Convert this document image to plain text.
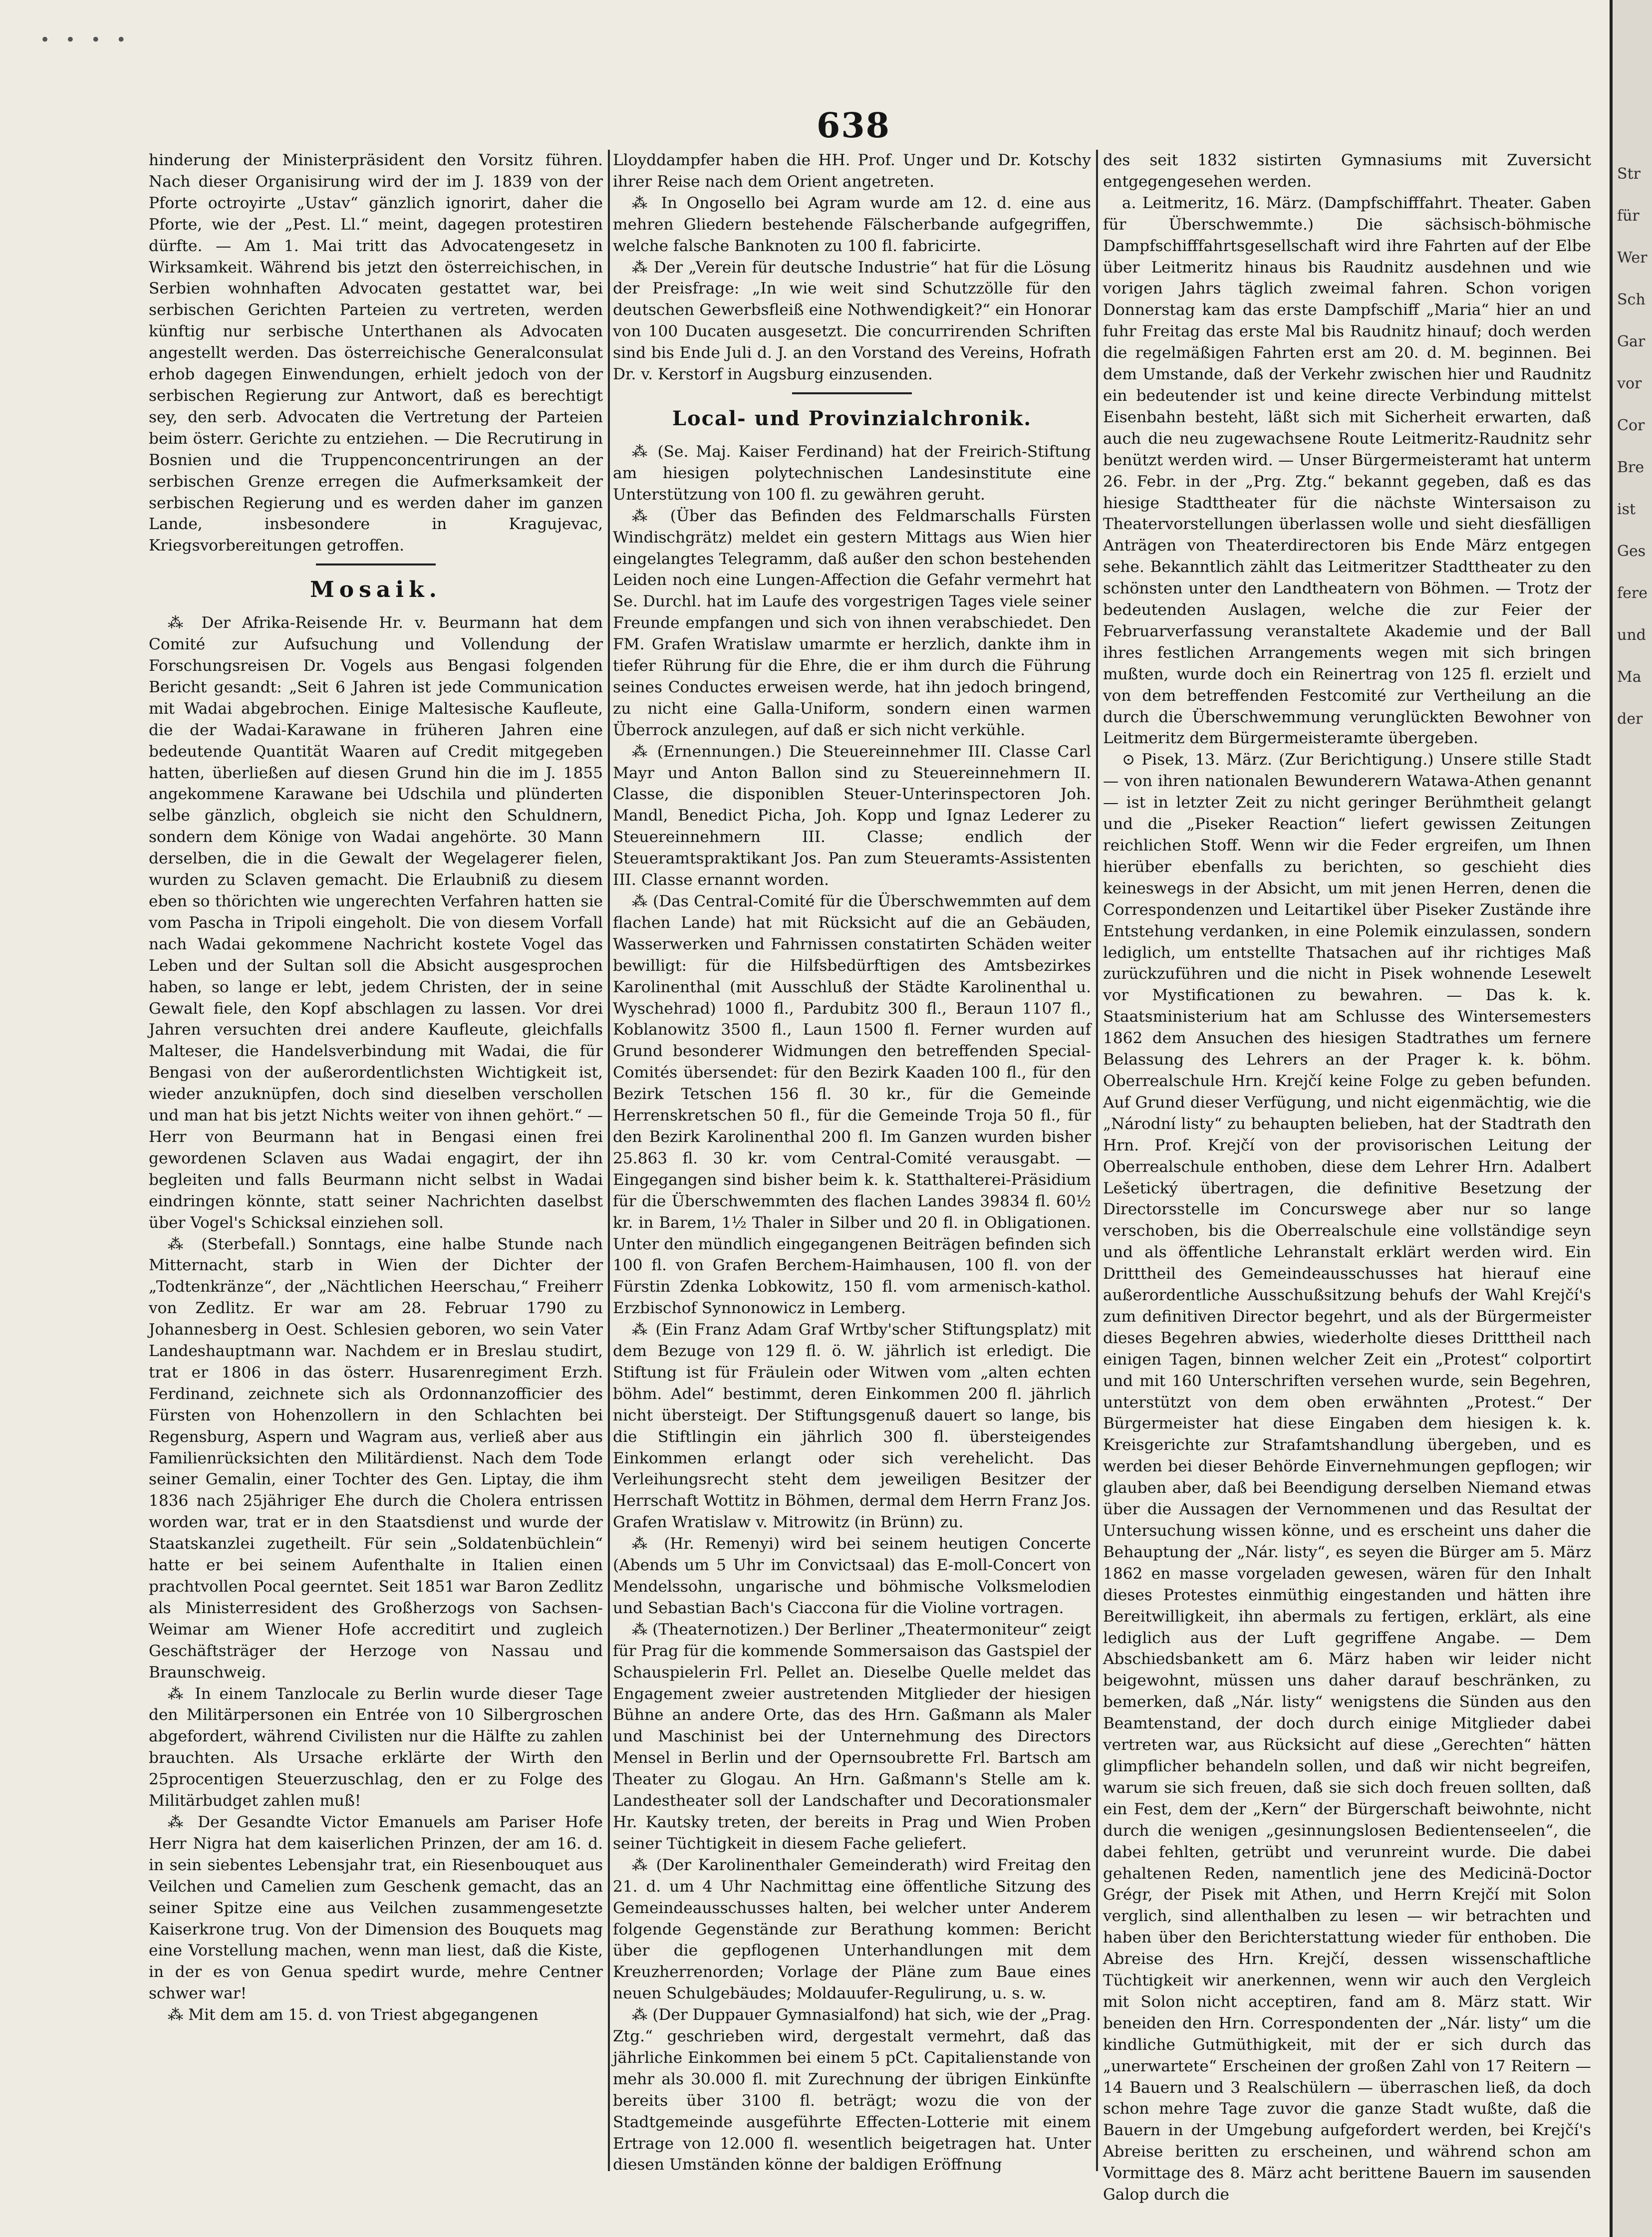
• • • •
638

hinderung der Ministerpräsident den Vorsitz führen. Nach dieser Organisirung wird der im J. 1839 von der Pforte octroyirte „Ustav“ gänzlich ignorirt, daher die Pforte, wie der „Pest. Ll.“ meint, dagegen protestiren dürfte. — Am 1. Mai tritt das Advocatengesetz in Wirksamkeit. Während bis jetzt den österreichischen, in Serbien wohnhaften Advocaten gestattet war, bei serbischen Gerichten Parteien zu vertreten, werden künftig nur serbische Unterthanen als Advocaten angestellt werden. Das österreichische Generalconsulat erhob dagegen Einwendungen, erhielt jedoch von der serbischen Regierung zur Antwort, daß es berechtigt sey, den serb. Advocaten die Vertretung der Parteien beim österr. Gerichte zu entziehen. — Die Recrutirung in Bosnien und die Truppenconcentrirungen an der serbischen Grenze erregen die Aufmerksamkeit der serbischen Regierung und es werden daher im ganzen Lande, insbesondere in Kragujevac, Kriegsvorbereitungen getroffen.

Mosaik.

⁂ Der Afrika-Reisende Hr. v. Beurmann hat dem Comité zur Aufsuchung und Vollendung der Forschungsreisen Dr. Vogels aus Bengasi folgenden Bericht gesandt: „Seit 6 Jahren ist jede Communication mit Wadai abgebrochen. Einige Maltesische Kaufleute, die der Wadai-Karawane in früheren Jahren eine bedeutende Quantität Waaren auf Credit mitgegeben hatten, überließen auf diesen Grund hin die im J. 1855 angekommene Karawane bei Udschila und plünderten selbe gänzlich, obgleich sie nicht den Schuldnern, sondern dem Könige von Wadai angehörte. 30 Mann derselben, die in die Gewalt der Wegelagerer fielen, wurden zu Sclaven gemacht. Die Erlaubniß zu diesem eben so thörichten wie ungerechten Verfahren hatten sie vom Pascha in Tripoli eingeholt. Die von diesem Vorfall nach Wadai gekommene Nachricht kostete Vogel das Leben und der Sultan soll die Absicht ausgesprochen haben, so lange er lebt, jedem Christen, der in seine Gewalt fiele, den Kopf abschlagen zu lassen. Vor drei Jahren versuchten drei andere Kaufleute, gleichfalls Malteser, die Handelsverbindung mit Wadai, die für Bengasi von der außerordentlichsten Wichtigkeit ist, wieder anzuknüpfen, doch sind dieselben verschollen und man hat bis jetzt Nichts weiter von ihnen gehört.“ — Herr von Beurmann hat in Bengasi einen frei gewordenen Sclaven aus Wadai engagirt, der ihn begleiten und falls Beurmann nicht selbst in Wadai eindringen könnte, statt seiner Nachrichten daselbst über Vogel's Schicksal einziehen soll.

⁂ (Sterbefall.) Sonntags, eine halbe Stunde nach Mitternacht, starb in Wien der Dichter der „Todtenkränze“, der „Nächtlichen Heerschau,“ Freiherr von Zedlitz. Er war am 28. Februar 1790 zu Johannesberg in Oest. Schlesien geboren, wo sein Vater Landeshauptmann war. Nachdem er in Breslau studirt, trat er 1806 in das österr. Husarenregiment Erzh. Ferdinand, zeichnete sich als Ordonnanzofficier des Fürsten von Hohenzollern in den Schlachten bei Regensburg, Aspern und Wagram aus, verließ aber aus Familienrücksichten den Militärdienst. Nach dem Tode seiner Gemalin, einer Tochter des Gen. Liptay, die ihm 1836 nach 25jähriger Ehe durch die Cholera entrissen worden war, trat er in den Staatsdienst und wurde der Staatskanzlei zugetheilt. Für sein „Soldatenbüchlein“ hatte er bei seinem Aufenthalte in Italien einen prachtvollen Pocal geerntet. Seit 1851 war Baron Zedlitz als Ministerresident des Großherzogs von Sachsen-Weimar am Wiener Hofe accreditirt und zugleich Geschäftsträger der Herzoge von Nassau und Braunschweig.

⁂ In einem Tanzlocale zu Berlin wurde dieser Tage den Militärpersonen ein Entrée von 10 Silbergroschen abgefordert, während Civilisten nur die Hälfte zu zahlen brauchten. Als Ursache erklärte der Wirth den 25procentigen Steuerzuschlag, den er zu Folge des Militärbudget zahlen muß!

⁂ Der Gesandte Victor Emanuels am Pariser Hofe Herr Nigra hat dem kaiserlichen Prinzen, der am 16. d. in sein siebentes Lebensjahr trat, ein Riesenbouquet aus Veilchen und Camelien zum Geschenk gemacht, das an seiner Spitze eine aus Veilchen zusammengesetzte Kaiserkrone trug. Von der Dimension des Bouquets mag eine Vorstellung machen, wenn man liest, daß die Kiste, in der es von Genua spedirt wurde, mehre Centner schwer war!

⁂ Mit dem am 15. d. von Triest abgegangenen

Lloyddampfer haben die HH. Prof. Unger und Dr. Kotschy ihrer Reise nach dem Orient angetreten.

⁂ In Ongosello bei Agram wurde am 12. d. eine aus mehren Gliedern bestehende Fälscherbande aufgegriffen, welche falsche Banknoten zu 100 fl. fabricirte.

⁂ Der „Verein für deutsche Industrie“ hat für die Lösung der Preisfrage: „In wie weit sind Schutzzölle für den deutschen Gewerbsfleiß eine Nothwendigkeit?“ ein Honorar von 100 Ducaten ausgesetzt. Die concurrirenden Schriften sind bis Ende Juli d. J. an den Vorstand des Vereins, Hofrath Dr. v. Kerstorf in Augsburg einzusenden.

Local- und Provinzialchronik.

⁂ (Se. Maj. Kaiser Ferdinand) hat der Freirich-Stiftung am hiesigen polytechnischen Landesinstitute eine Unterstützung von 100 fl. zu gewähren geruht.

⁂ (Über das Befinden des Feldmarschalls Fürsten Windischgrätz) meldet ein gestern Mittags aus Wien hier eingelangtes Telegramm, daß außer den schon bestehenden Leiden noch eine Lungen-Affection die Gefahr vermehrt hat Se. Durchl. hat im Laufe des vorgestrigen Tages viele seiner Freunde empfangen und sich von ihnen verabschiedet. Den FM. Grafen Wratislaw umarmte er herzlich, dankte ihm in tiefer Rührung für die Ehre, die er ihm durch die Führung seines Conductes erweisen werde, hat ihn jedoch bringend, zu nicht eine Galla-Uniform, sondern einen warmen Überrock anzulegen, auf daß er sich nicht verkühle.

⁂ (Ernennungen.) Die Steuereinnehmer III. Classe Carl Mayr und Anton Ballon sind zu Steuereinnehmern II. Classe, die disponiblen Steuer-Unterinspectoren Joh. Mandl, Benedict Picha, Joh. Kopp und Ignaz Lederer zu Steuereinnehmern III. Classe; endlich der Steueramtspraktikant Jos. Pan zum Steueramts-Assistenten III. Classe ernannt worden.

⁂ (Das Central-Comité für die Überschwemmten auf dem flachen Lande) hat mit Rücksicht auf die an Gebäuden, Wasserwerken und Fahrnissen constatirten Schäden weiter bewilligt: für die Hilfsbedürftigen des Amtsbezirkes Karolinenthal (mit Ausschluß der Städte Karolinenthal u. Wyschehrad) 1000 fl., Pardubitz 300 fl., Beraun 1107 fl., Koblanowitz 3500 fl., Laun 1500 fl. Ferner wurden auf Grund besonderer Widmungen den betreffenden Special-Comités übersendet: für den Bezirk Kaaden 100 fl., für den Bezirk Tetschen 156 fl. 30 kr., für die Gemeinde Herrenskretschen 50 fl., für die Gemeinde Troja 50 fl., für den Bezirk Karolinenthal 200 fl. Im Ganzen wurden bisher 25.863 fl. 30 kr. vom Central-Comité verausgabt. — Eingegangen sind bisher beim k. k. Statthalterei-Präsidium für die Überschwemmten des flachen Landes 39834 fl. 60½ kr. in Barem, 1½ Thaler in Silber und 20 fl. in Obligationen. Unter den mündlich eingegangenen Beiträgen befinden sich 100 fl. von Grafen Berchem-Haimhausen, 100 fl. von der Fürstin Zdenka Lobkowitz, 150 fl. vom armenisch-kathol. Erzbischof Synnonowicz in Lemberg.

⁂ (Ein Franz Adam Graf Wrtby'scher Stiftungsplatz) mit dem Bezuge von 129 fl. ö. W. jährlich ist erledigt. Die Stiftung ist für Fräulein oder Witwen vom „alten echten böhm. Adel“ bestimmt, deren Einkommen 200 fl. jährlich nicht übersteigt. Der Stiftungsgenuß dauert so lange, bis die Stiftlingin ein jährlich 300 fl. übersteigendes Einkommen erlangt oder sich verehelicht. Das Verleihungsrecht steht dem jeweiligen Besitzer der Herrschaft Wottitz in Böhmen, dermal dem Herrn Franz Jos. Grafen Wratislaw v. Mitrowitz (in Brünn) zu.

⁂ (Hr. Remenyi) wird bei seinem heutigen Concerte (Abends um 5 Uhr im Convictsaal) das E-moll-Concert von Mendelssohn, ungarische und böhmische Volksmelodien und Sebastian Bach's Ciaccona für die Violine vortragen.

⁂ (Theaternotizen.) Der Berliner „Theatermoniteur“ zeigt für Prag für die kommende Sommersaison das Gastspiel der Schauspielerin Frl. Pellet an. Dieselbe Quelle meldet das Engagement zweier austretenden Mitglieder der hiesigen Bühne an andere Orte, das des Hrn. Gaßmann als Maler und Maschinist bei der Unternehmung des Directors Mensel in Berlin und der Opernsoubrette Frl. Bartsch am Theater zu Glogau. An Hrn. Gaßmann's Stelle am k. Landestheater soll der Landschafter und Decorationsmaler Hr. Kautsky treten, der bereits in Prag und Wien Proben seiner Tüchtigkeit in diesem Fache geliefert.

⁂ (Der Karolinenthaler Gemeinderath) wird Freitag den 21. d. um 4 Uhr Nachmittag eine öffentliche Sitzung des Gemeindeausschusses halten, bei welcher unter Anderem folgende Gegenstände zur Berathung kommen: Bericht über die gepflogenen Unterhandlungen mit dem Kreuzherrenorden; Vorlage der Pläne zum Baue eines neuen Schulgebäudes; Moldauufer-Regulirung, u. s. w.

⁂ (Der Duppauer Gymnasialfond) hat sich, wie der „Prag. Ztg.“ geschrieben wird, dergestalt vermehrt, daß das jährliche Einkommen bei einem 5 pCt. Capitalienstande von mehr als 30.000 fl. mit Zurechnung der übrigen Einkünfte bereits über 3100 fl. beträgt; wozu die von der Stadtgemeinde ausgeführte Effecten-Lotterie mit einem Ertrage von 12.000 fl. wesentlich beigetragen hat. Unter diesen Umständen könne der baldigen Eröffnung

des seit 1832 sistirten Gymnasiums mit Zuversicht entgegengesehen werden.

a. Leitmeritz, 16. März. (Dampfschifffahrt. Theater. Gaben für Überschwemmte.) Die sächsisch-böhmische Dampfschifffahrtsgesellschaft wird ihre Fahrten auf der Elbe über Leitmeritz hinaus bis Raudnitz ausdehnen und wie vorigen Jahrs täglich zweimal fahren. Schon vorigen Donnerstag kam das erste Dampfschiff „Maria“ hier an und fuhr Freitag das erste Mal bis Raudnitz hinauf; doch werden die regelmäßigen Fahrten erst am 20. d. M. beginnen. Bei dem Umstande, daß der Verkehr zwischen hier und Raudnitz ein bedeutender ist und keine directe Verbindung mittelst Eisenbahn besteht, läßt sich mit Sicherheit erwarten, daß auch die neu zugewachsene Route Leitmeritz-Raudnitz sehr benützt werden wird. — Unser Bürgermeisteramt hat unterm 26. Febr. in der „Prg. Ztg.“ bekannt gegeben, daß es das hiesige Stadttheater für die nächste Wintersaison zu Theatervorstellungen überlassen wolle und sieht diesfälligen Anträgen von Theaterdirectoren bis Ende März entgegen sehe. Bekanntlich zählt das Leitmeritzer Stadttheater zu den schönsten unter den Landtheatern von Böhmen. — Trotz der bedeutenden Auslagen, welche die zur Feier der Februarverfassung veranstaltete Akademie und der Ball ihres festlichen Arrangements wegen mit sich bringen mußten, wurde doch ein Reinertrag von 125 fl. erzielt und von dem betreffenden Festcomité zur Vertheilung an die durch die Überschwemmung verunglückten Bewohner von Leitmeritz dem Bürgermeisteramte übergeben.

⊙ Pisek, 13. März. (Zur Berichtigung.) Unsere stille Stadt — von ihren nationalen Bewunderern Watawa-Athen genannt — ist in letzter Zeit zu nicht geringer Berühmtheit gelangt und die „Piseker Reaction“ liefert gewissen Zeitungen reichlichen Stoff. Wenn wir die Feder ergreifen, um Ihnen hierüber ebenfalls zu berichten, so geschieht dies keineswegs in der Absicht, um mit jenen Herren, denen die Correspondenzen und Leitartikel über Piseker Zustände ihre Entstehung verdanken, in eine Polemik einzulassen, sondern lediglich, um entstellte Thatsachen auf ihr richtiges Maß zurückzuführen und die nicht in Pisek wohnende Lesewelt vor Mystificationen zu bewahren. — Das k. k. Staatsministerium hat am Schlusse des Wintersemesters 1862 dem Ansuchen des hiesigen Stadtrathes um fernere Belassung des Lehrers an der Prager k. k. böhm. Oberrealschule Hrn. Krejčí keine Folge zu geben befunden. Auf Grund dieser Verfügung, und nicht eigenmächtig, wie die „Národní listy“ zu behaupten belieben, hat der Stadtrath den Hrn. Prof. Krejčí von der provisorischen Leitung der Oberrealschule enthoben, diese dem Lehrer Hrn. Adalbert Lešetický übertragen, die definitive Besetzung der Directorsstelle im Concurswege aber nur so lange verschoben, bis die Oberrealschule eine vollständige seyn und als öffentliche Lehranstalt erklärt werden wird. Ein Dritttheil des Gemeindeausschusses hat hierauf eine außerordentliche Ausschußsitzung behufs der Wahl Krejčí's zum definitiven Director begehrt, und als der Bürgermeister dieses Begehren abwies, wiederholte dieses Dritttheil nach einigen Tagen, binnen welcher Zeit ein „Protest“ colportirt und mit 160 Unterschriften versehen wurde, sein Begehren, unterstützt von dem oben erwähnten „Protest.“ Der Bürgermeister hat diese Eingaben dem hiesigen k. k. Kreisgerichte zur Strafamtshandlung übergeben, und es werden bei dieser Behörde Einvernehmungen gepflogen; wir glauben aber, daß bei Beendigung derselben Niemand etwas über die Aussagen der Vernommenen und das Resultat der Untersuchung wissen könne, und es erscheint uns daher die Behauptung der „Nár. listy“, es seyen die Bürger am 5. März 1862 en masse vorgeladen gewesen, wären für den Inhalt dieses Protestes einmüthig eingestanden und hätten ihre Bereitwilligkeit, ihn abermals zu fertigen, erklärt, als eine lediglich aus der Luft gegriffene Angabe. — Dem Abschiedsbankett am 6. März haben wir leider nicht beigewohnt, müssen uns daher darauf beschränken, zu bemerken, daß „Nár. listy“ wenigstens die Sünden aus den Beamtenstand, der doch durch einige Mitglieder dabei vertreten war, aus Rücksicht auf diese „Gerechten“ hätten glimpflicher behandeln sollen, und daß wir nicht begreifen, warum sie sich freuen, daß sie sich doch freuen sollten, daß ein Fest, dem der „Kern“ der Bürgerschaft beiwohnte, nicht durch die wenigen „gesinnungslosen Bedientenseelen“, die dabei fehlten, getrübt und verunreint wurde. Die dabei gehaltenen Reden, namentlich jene des Medicinä-Doctor Grégr, der Pisek mit Athen, und Herrn Krejčí mit Solon verglich, sind allenthalben zu lesen — wir betrachten und haben über den Berichterstattung wieder für enthoben. Die Abreise des Hrn. Krejčí, dessen wissenschaftliche Tüchtigkeit wir anerkennen, wenn wir auch den Vergleich mit Solon nicht acceptiren, fand am 8. März statt. Wir beneiden den Hrn. Correspondenten der „Nár. listy“ um die kindliche Gutmüthigkeit, mit der er sich durch das „unerwartete“ Erscheinen der großen Zahl von 17 Reitern — 14 Bauern und 3 Realschülern — überraschen ließ, da doch schon mehre Tage zuvor die ganze Stadt wußte, daß die Bauern in der Umgebung aufgefordert werden, bei Krejčí's Abreise beritten zu erscheinen, und während schon am Vormittage des 8. März acht berittene Bauern im sausenden Galop durch die

Str
für
Wer
Sch
Gar
vor
Cor
Bre
ist
Ges
fere
und
Ma
der
